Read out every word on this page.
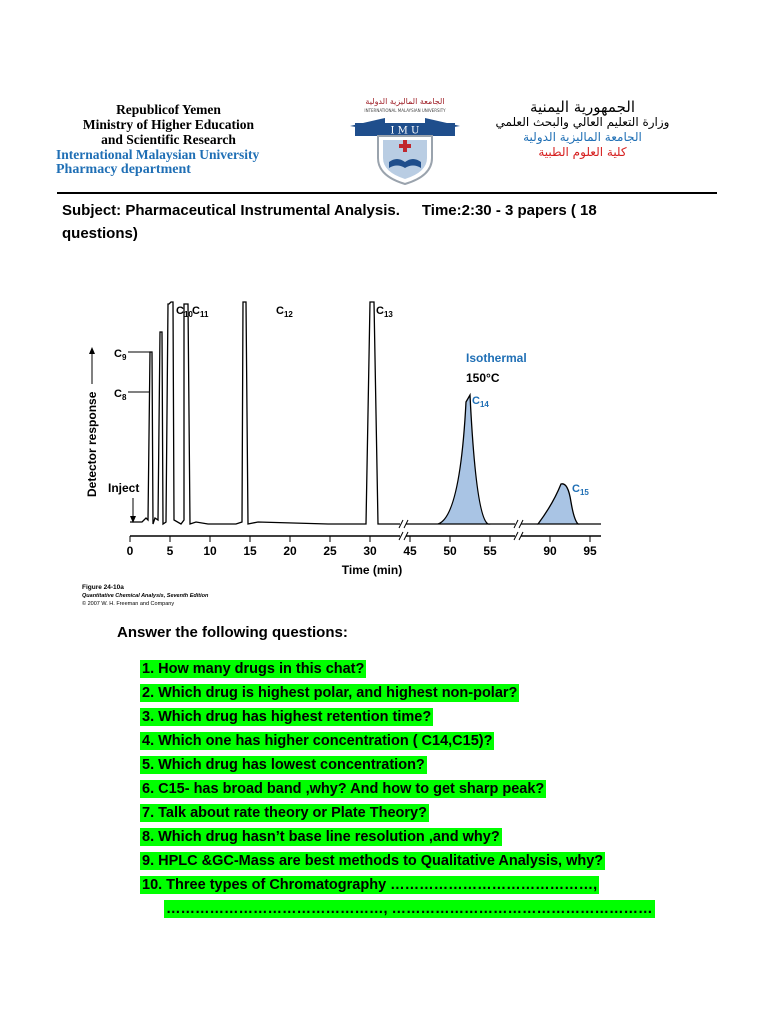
Republicof Yemen
Ministry of Higher Education
and Scientific Research
International Malaysian University
Pharmacy department
الجامعة الماليزية الدولية
INTERNATIONAL MALAYSIAN UNIVERSITY
I M U
الجمهورية اليمنية
وزارة التعليم العالي والبحث العلمي
الجامعة الماليزية الدولية
كلية العلوم الطبية
Subject: Pharmaceutical Instrumental Analysis. Time:2:30 - 3 papers ( 18
questions)
Detector response
0	5 10 15 20 25 30 45 50 55	90 95
Time (min)
$C_9$
$C_8$
$C_{10}$ $C_{11}$	$C_{12}$	$C_{13}$
$C_{14}$
$C_{15}$
Isothermal
150°C
Inject
Figure 24-10a
Quantitative Chemical Analysis, Seventh Edition
© 2007 W. H. Freeman and Company
Answer the following questions:
1. How many drugs in this chat?
2. Which drug is highest polar, and highest non-polar?
3. Which drug has highest retention time?
4. Which one has higher concentration ( C14,C15)?
5. Which drug has lowest concentration?
6. C15- has broad band ,why? And how to get sharp peak?
7. Talk about rate theory or Plate Theory?
8. Which drug hasn’t base line resolution ,and why?
9. HPLC &GC-Mass are best methods to Qualitative Analysis, why?
10. Three types of Chromatography ……………………………………,
………………………………………, ………………………………………………
